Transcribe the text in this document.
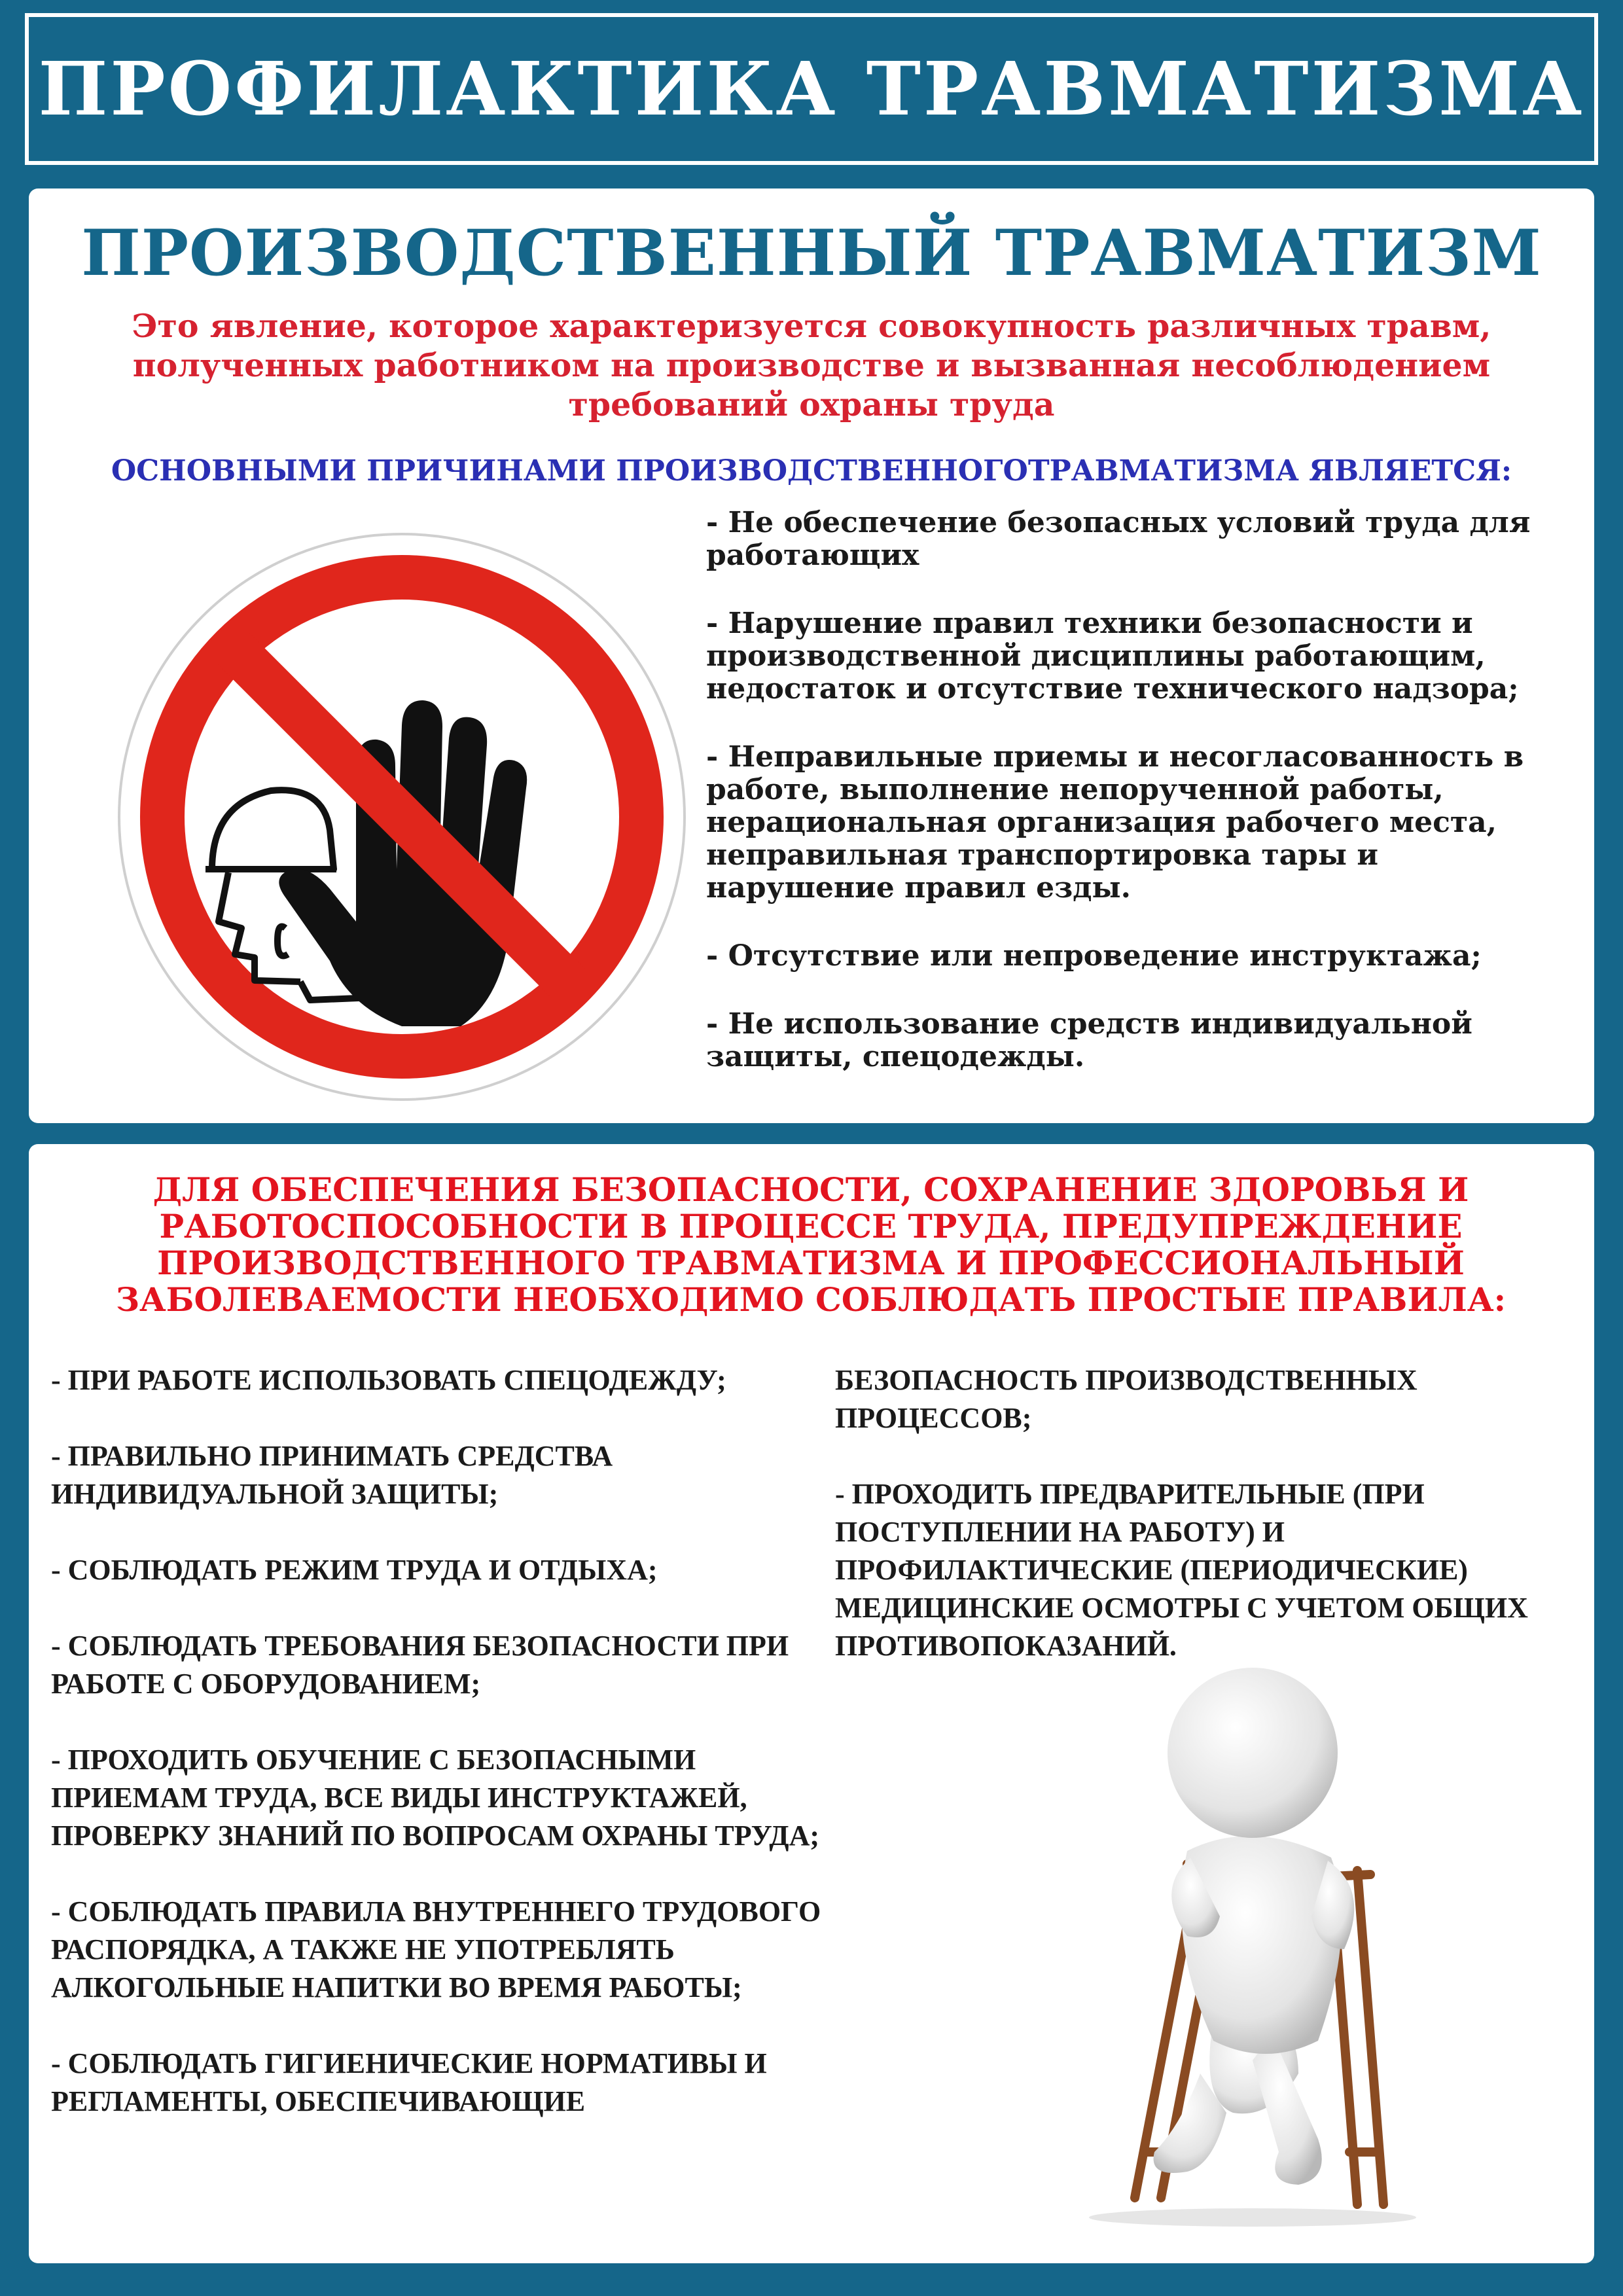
ПРОФИЛАКТИКА ТРАВМАТИЗМА
ПРОИЗВОДСТВЕННЫЙ ТРАВМАТИЗМ

Это явление, которое характеризуется совокупность различных травм, полученных работником на производстве и вызванная несоблюдением требований охраны труда

ОСНОВНЫМИ ПРИЧИНАМИ ПРОИЗВОДСТВЕННОГОТРАВМАТИЗМА ЯВЛЯЕТСЯ:
- Не обеспечение безопасных условий труда для работающих
- Нарушение правил техники безопасности и производственной дисциплины работающим, недостаток и отсутствие технического надзора;
- Неправильные приемы и несогласованность в работе, выполнение непорученной работы, нерациональная организация рабочего места, неправильная транспортировка тары и нарушение правил езды.
- Отсутствие или непроведение инструктажа;
- Не использование средств индивидуальной защиты, спецодежды.
ДЛЯ ОБЕСПЕЧЕНИЯ БЕЗОПАСНОСТИ, СОХРАНЕНИЕ ЗДОРОВЬЯ И РАБОТОСПОСОБНОСТИ В ПРОЦЕССЕ ТРУДА, ПРЕДУПРЕЖДЕНИЕ ПРОИЗВОДСТВЕННОГО ТРАВМАТИЗМА И ПРОФЕССИОНАЛЬНЫЙ ЗАБОЛЕВАЕМОСТИ НЕОБХОДИМО СОБЛЮДАТЬ ПРОСТЫЕ ПРАВИЛА:
- ПРИ РАБОТЕ ИСПОЛЬЗОВАТЬ СПЕЦОДЕЖДУ;
- ПРАВИЛЬНО ПРИНИМАТЬ СРЕДСТВА ИНДИВИДУАЛЬНОЙ ЗАЩИТЫ;
- СОБЛЮДАТЬ РЕЖИМ ТРУДА И ОТДЫХА;
- СОБЛЮДАТЬ ТРЕБОВАНИЯ БЕЗОПАСНОСТИ ПРИ РАБОТЕ С ОБОРУДОВАНИЕМ;
- ПРОХОДИТЬ ОБУЧЕНИЕ С БЕЗОПАСНЫМИ ПРИЕМАМ ТРУДА, ВСЕ ВИДЫ ИНСТРУКТАЖЕЙ, ПРОВЕРКУ ЗНАНИЙ ПО ВОПРОСАМ ОХРАНЫ ТРУДА;
- СОБЛЮДАТЬ ПРАВИЛА ВНУТРЕННЕГО ТРУДОВОГО РАСПОРЯДКА, А ТАКЖЕ НЕ УПОТРЕБЛЯТЬ АЛКОГОЛЬНЫЕ НАПИТКИ ВО ВРЕМЯ РАБОТЫ;
- СОБЛЮДАТЬ ГИГИЕНИЧЕСКИЕ НОРМАТИВЫ И РЕГЛАМЕНТЫ, ОБЕСПЕЧИВАЮЩИЕ
БЕЗОПАСНОСТЬ ПРОИЗВОДСТВЕННЫХ ПРОЦЕССОВ;
- ПРОХОДИТЬ ПРЕДВАРИТЕЛЬНЫЕ (ПРИ ПОСТУПЛЕНИИ НА РАБОТУ) И ПРОФИЛАКТИЧЕСКИЕ (ПЕРИОДИЧЕСКИЕ) МЕДИЦИНСКИЕ ОСМОТРЫ С УЧЕТОМ ОБЩИХ ПРОТИВОПОКАЗАНИЙ.
